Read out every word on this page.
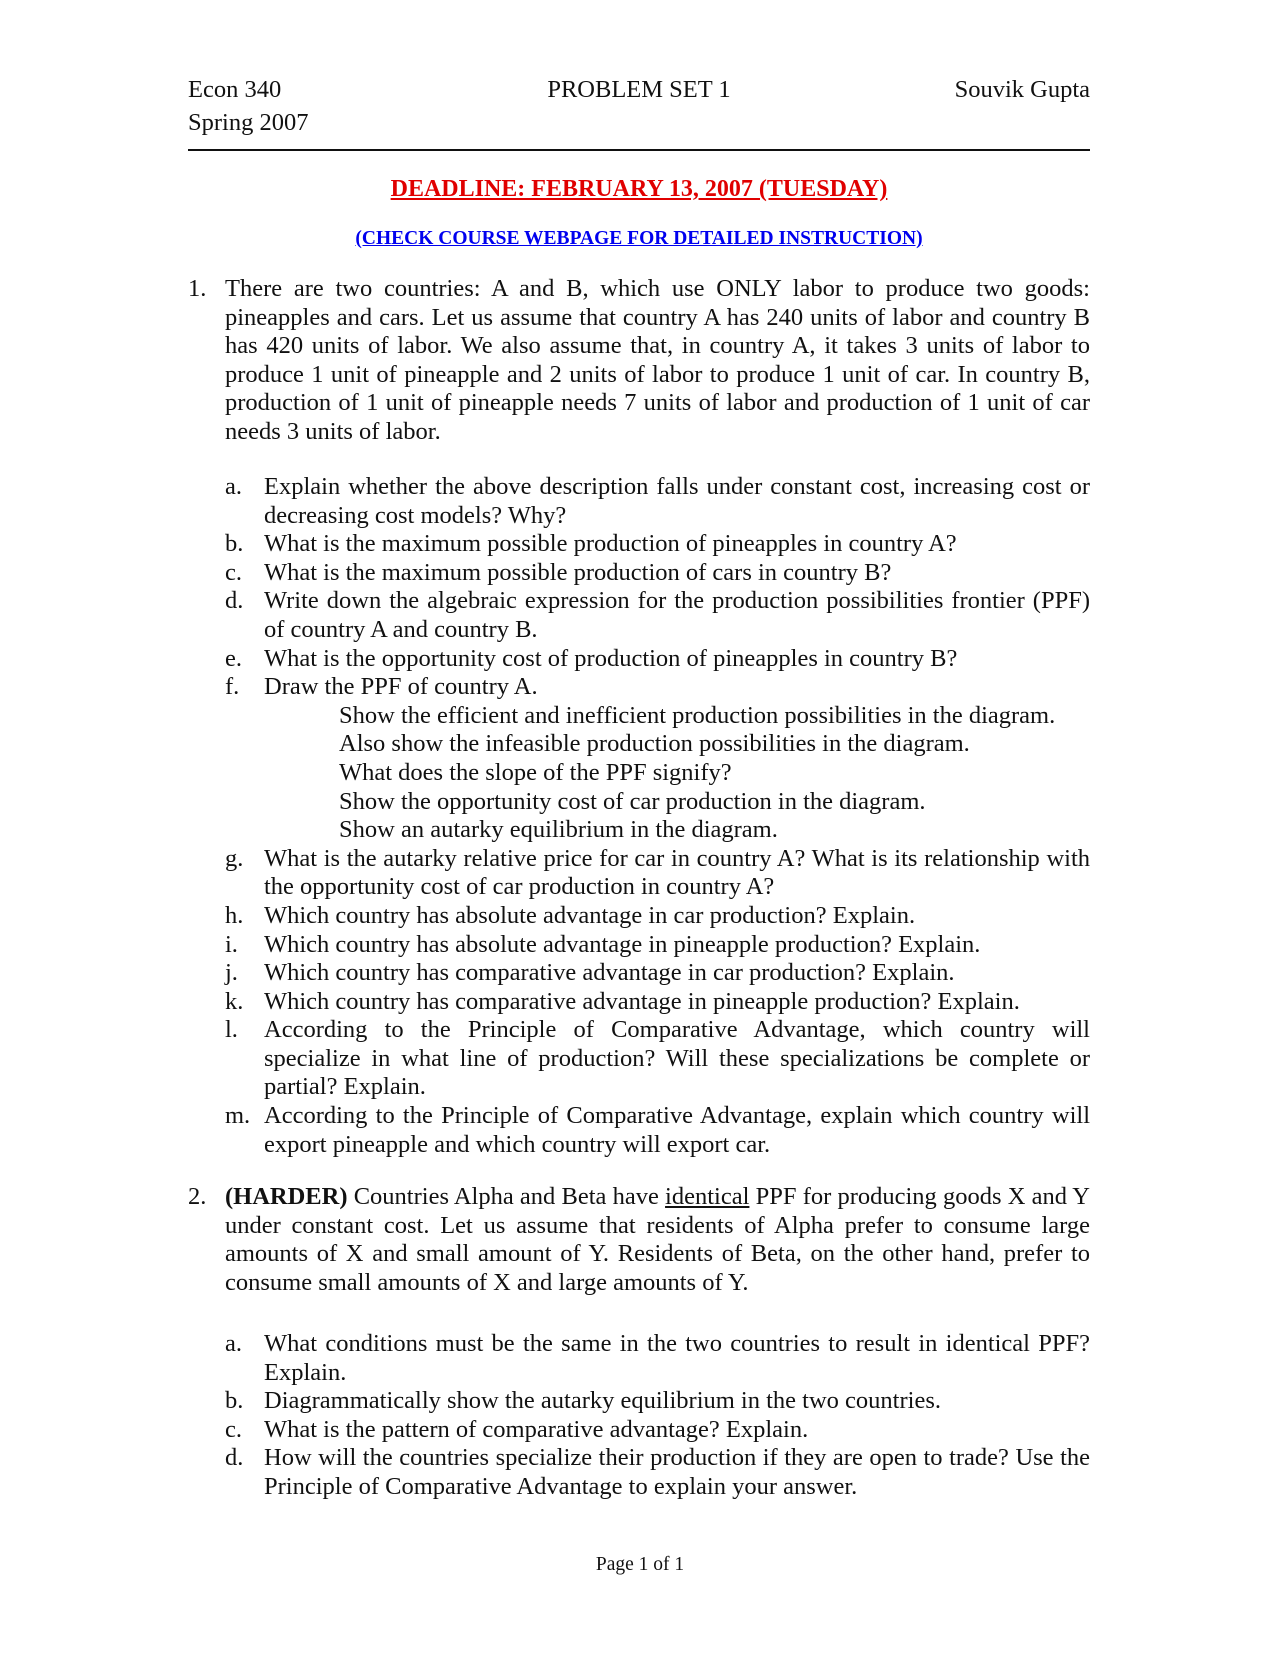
Econ 340
Spring 2007
PROBLEM SET 1	Souvik Gupta
DEADLINE: FEBRUARY 13, 2007 (TUESDAY)
(CHECK COURSE WEBPAGE FOR DETAILED INSTRUCTION)
1. There are two countries: A and B, which use ONLY labor to produce two goods: pineapples and cars. Let us assume that country A has 240 units of labor and country B has 420 units of labor. We also assume that, in country A, it takes 3 units of labor to produce 1 unit of pineapple and 2 units of labor to produce 1 unit of car. In country B, production of 1 unit of pineapple needs 7 units of labor and production of 1 unit of car needs 3 units of labor.
a. Explain whether the above description falls under constant cost, increasing cost or decreasing cost models? Why?
b. What is the maximum possible production of pineapples in country A?
c. What is the maximum possible production of cars in country B?
d. Write down the algebraic expression for the production possibilities frontier (PPF) of country A and country B.
e. What is the opportunity cost of production of pineapples in country B?
f. Draw the PPF of country A.
Show the efficient and inefficient production possibilities in the diagram.
Also show the infeasible production possibilities in the diagram.
What does the slope of the PPF signify?
Show the opportunity cost of car production in the diagram.
Show an autarky equilibrium in the diagram.
g. What is the autarky relative price for car in country A? What is its relationship with the opportunity cost of car production in country A?
h. Which country has absolute advantage in car production? Explain.
i. Which country has absolute advantage in pineapple production? Explain.
j. Which country has comparative advantage in car production? Explain.
k. Which country has comparative advantage in pineapple production? Explain.
l. According to the Principle of Comparative Advantage, which country will specialize in what line of production? Will these specializations be complete or partial? Explain.
m. According to the Principle of Comparative Advantage, explain which country will export pineapple and which country will export car.
2. (HARDER) Countries Alpha and Beta have identical PPF for producing goods X and Y under constant cost. Let us assume that residents of Alpha prefer to consume large amounts of X and small amount of Y. Residents of Beta, on the other hand, prefer to consume small amounts of X and large amounts of Y.
a. What conditions must be the same in the two countries to result in identical PPF? Explain.
b. Diagrammatically show the autarky equilibrium in the two countries.
c. What is the pattern of comparative advantage? Explain.
d. How will the countries specialize their production if they are open to trade? Use the Principle of Comparative Advantage to explain your answer.
Page 1 of 1
